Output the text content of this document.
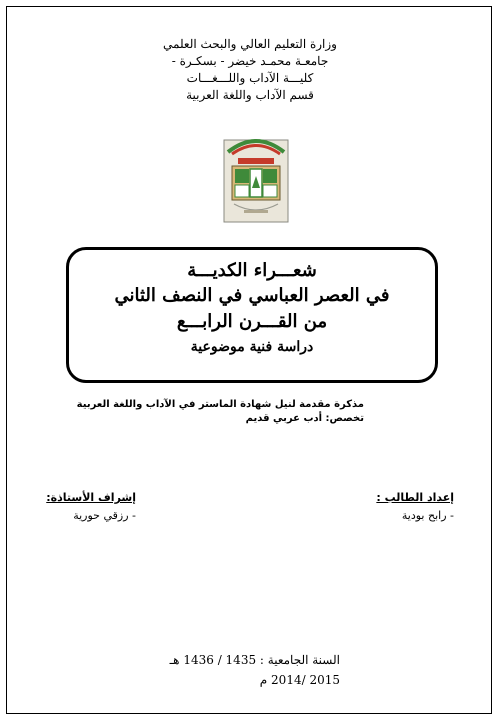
وزارة التعليم العالي والبحث العلمي
جامعـة محمـد خيضر - بسكـرة -
كليـــة الآداب واللـــغـــات
قسم الآداب واللغة العربية
شعـــراء الكديـــة
في العصر العباسي في النصف الثاني
من القـــرن الرابـــع
دراسة فنية موضوعية
مذكرة مقدمة لنيل شهادة الماستر في الآداب واللغة العربية
تخصص: أدب عربي قديم
إعداد الطالب :
- رابح بودية
إشراف الأستاذة:
- رزقي حورية
السنة الجامعية : 1435 / 1436 هـ
2015 /2014 م
